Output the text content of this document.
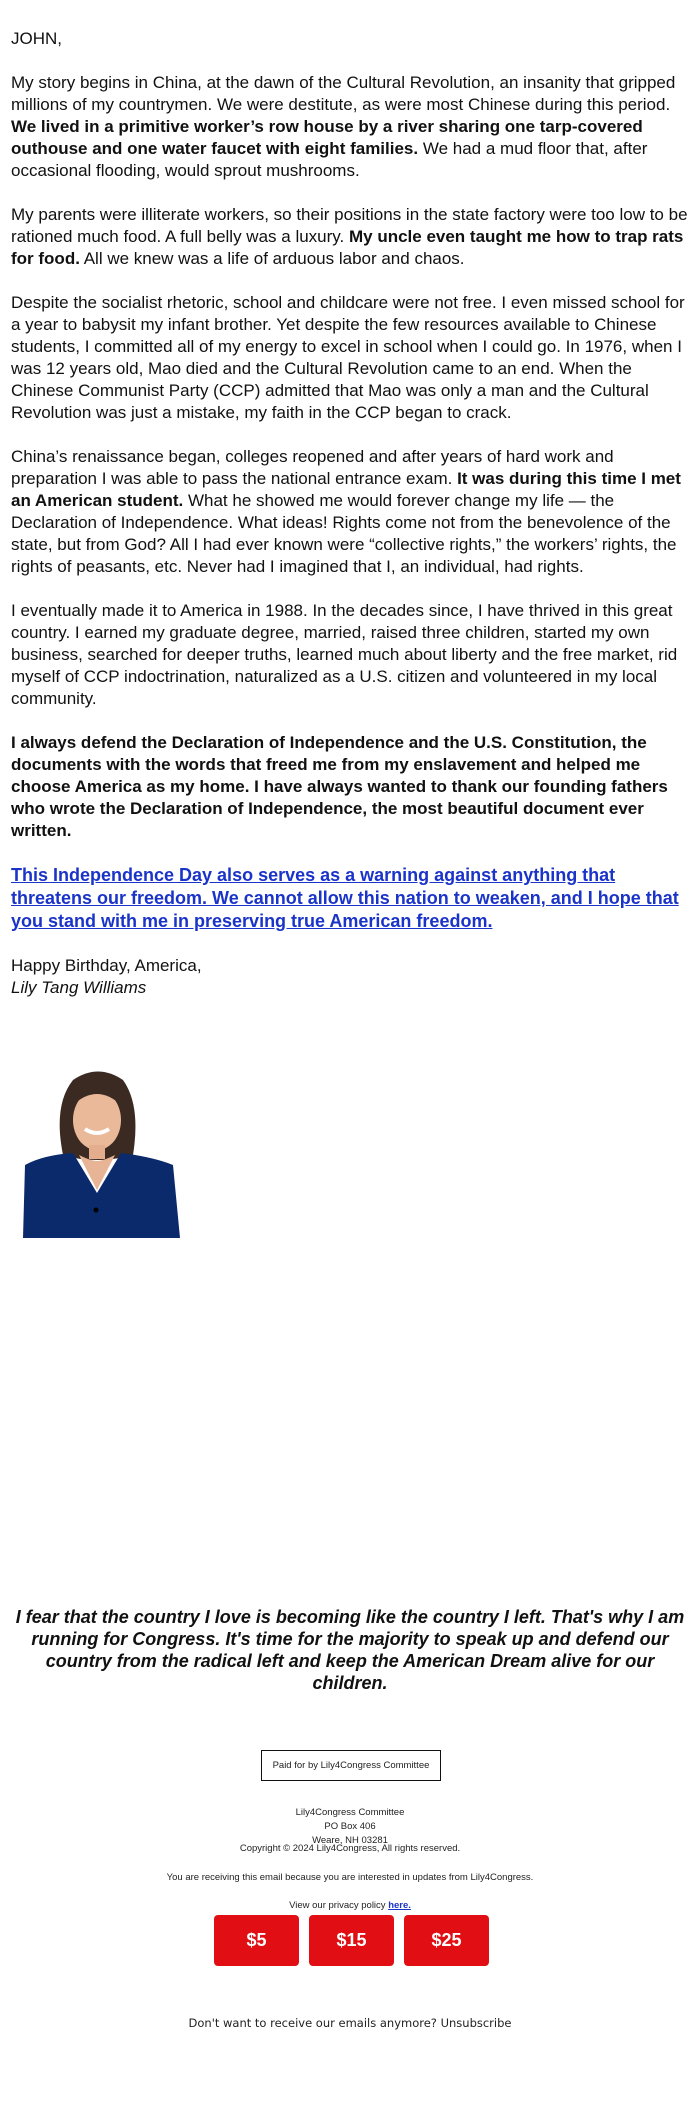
JOHN,

My story begins in China, at the dawn of the Cultural Revolution, an insanity that gripped millions of my countrymen. We were destitute, as were most Chinese during this period. We lived in a primitive worker’s row house by a river sharing one tarp-covered outhouse and one water faucet with eight families. We had a mud floor that, after occasional flooding, would sprout mushrooms.

My parents were illiterate workers, so their positions in the state factory were too low to be rationed much food. A full belly was a luxury. My uncle even taught me how to trap rats for food. All we knew was a life of arduous labor and chaos.

Despite the socialist rhetoric, school and childcare were not free. I even missed school for a year to babysit my infant brother. Yet despite the few resources available to Chinese students, I committed all of my energy to excel in school when I could go. In 1976, when I was 12 years old, Mao died and the Cultural Revolution came to an end. When the Chinese Communist Party (CCP) admitted that Mao was only a man and the Cultural Revolution was just a mistake, my faith in the CCP began to crack.

China’s renaissance began, colleges reopened and after years of hard work and preparation I was able to pass the national entrance exam. It was during this time I met an American student. What he showed me would forever change my life — the Declaration of Independence. What ideas! Rights come not from the benevolence of the state, but from God? All I had ever known were “collective rights,” the workers’ rights, the rights of peasants, etc. Never had I imagined that I, an individual, had rights.

I eventually made it to America in 1988. In the decades since, I have thrived in this great country. I earned my graduate degree, married, raised three children, started my own business, searched for deeper truths, learned much about liberty and the free market, rid myself of CCP indoctrination, naturalized as a U.S. citizen and volunteered in my local community.

I always defend the Declaration of Independence and the U.S. Constitution, the documents with the words that freed me from my enslavement and helped me choose America as my home. I have always wanted to thank our founding fathers who wrote the Declaration of Independence, the most beautiful document ever written.

This Independence Day also serves as a warning against anything that threatens our freedom. We cannot allow this nation to weaken, and I hope that you stand with me in preserving true American freedom.

Happy Birthday, America,
Lily Tang Williams
I fear that the country I love is becoming like the country I left. That's why I am running for Congress. It's time for the majority to speak up and defend our country from the radical left and keep the American Dream alive for our children.
Paid for by Lily4Congress Committee
Lily4Congress Committee
PO Box 406
Weare, NH 03281
Copyright © 2024 Lily4Congress, All rights reserved.
You are receiving this email because you are interested in updates from Lily4Congress.
View our privacy policy here.
$5	$15	$25
Don't want to receive our emails anymore? Unsubscribe
